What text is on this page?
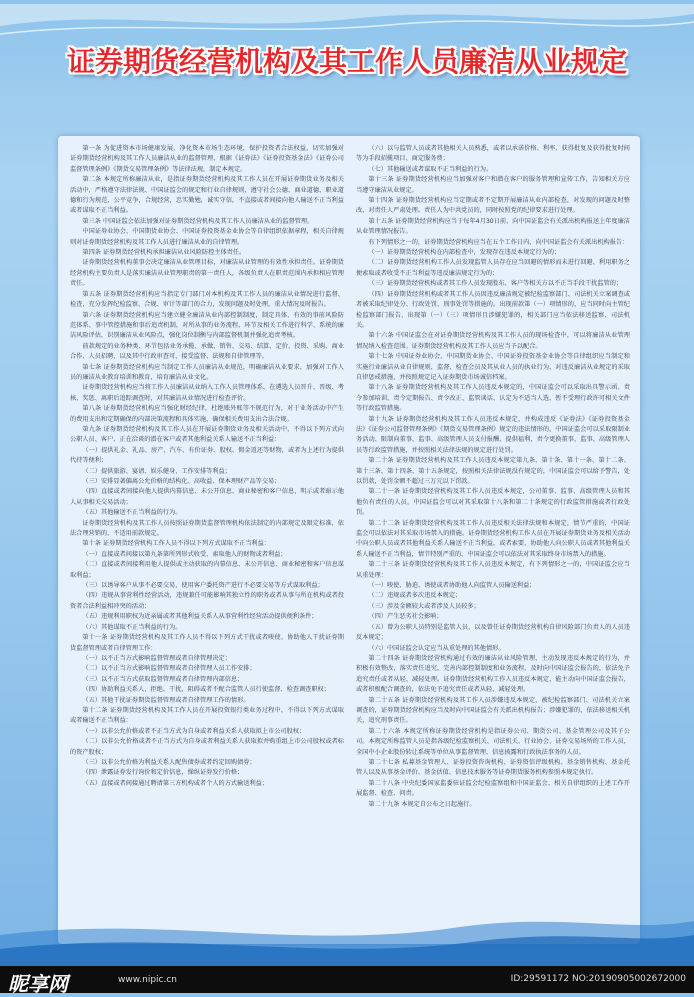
证券期货经营机构及其工作人员廉洁从业规定

第一条 为促进资本市场健康发展，净化资本市场生态环境，保护投资者合法权益，切实加强对证券期货经营机构及其工作人员廉洁从业的监督管理，根据《证券法》《证券投资基金法》《证券公司监督管理条例》《期货交易管理条例》等法律法规，制定本规定。

第二条 本规定所称廉洁从业，是指证券期货经营机构及其工作人员在开展证券期货业务及相关活动中，严格遵守法律法规、中国证监会的规定和行业自律规则，遵守社会公德、商业道德、职业道德和行为规范，公平竞争，合规经营，忠实勤勉，诚实守信，不直接或者间接向他人输送不正当利益或者谋取不正当利益。

第三条 中国证监会依法加强对证券期货经营机构及其工作人员廉洁从业的监督管理。

中国证券业协会、中国期货业协会、中国证券投资基金业协会等自律组织依据章程，相关自律规则对证券期货经营机构及其工作人员进行廉洁从业的自律管理。

第四条 证券期货经营机构承担廉洁从业风险防控主体责任。

证券期货经营机构董事会决定廉洁从业管理目标，对廉洁从业管理的有效性承担责任。证券期货经营机构主要负责人是落实廉洁从业管理职责的第一责任人，各级负责人在职责范围内承担相应管理责任。

第五条 证券期货经营机构应当指定专门部门对本机构及其工作人员的廉洁从业情况进行监督、检查，充分发挥纪检监察、合规、审计等部门的合力，发现问题及时处理，重大情况及时报告。

第六条 证券期货经营机构应当建立健全廉洁从业内部控制制度，制定具体、有效的事前风险防范体系、事中管控措施和事后追责机制，对所从事的业务流程、环节及相关工作进行科学、系统的廉洁风险评估，识别廉洁从业风险点，强化岗位制衡与内部监督机制并强化追责考核。

前款规定的业务种类、环节包括业务承揽、承做、销售、交易、结算、定价、投资、采购、商业合作、人员招聘，以及其中行政审查可、接受监督、法规和自律管理等。

第七条 证券期货经营机构应当制定工作人员廉洁从业规范，明确廉洁从业要求，加强对工作人员的廉洁从业教育培训和教育，培育廉洁从业文化。

证券期货经营机构应当将工作人员廉洁从业纳入工作人员管理体系，在遴选人员晋升、晋级、考核、奖惩、离职后追踪调查时，对其廉洁从业情况进行检查评价。

第八条 证券期货经营机构应当强化财经纪律，杜绝账外账等不规范行为，对于业务活动中产生的费用支出和定期确保的内部决策流程和具体实施，确保相关费用支出合法合规。

第九条 证券期货经营机构及其工作人员在开展证券期货业务及相关活动中，不得以下列方式向公职人员、客户、正在洽谈的潜在客户或者其他利益关系人输送不正当利益：

（一）提供礼金、礼品、房产、汽车、有价证券、股权、佣金返还等财物，或者为上述行为提供代持等便利；

（二）提供旅游、宴请、娱乐健身、工作安排等利益；

（三）安排显著偏离公允价格的结构化、高收益、保本理财产品等交易；

（四）直接或者间接向他人提供内幕信息、未公开信息、商业秘密和客户信息，明示或者暗示他人从事相关交易活动；

（五）其他输送不正当利益的行为。

证券期货经营机构及其工作人员按照证券期货监督管理机构依法制定的内部规定及限定标准，依法合理营销的，不适用前款规定。

第十条 证券期货经营机构工作人员不得以下列方式谋取不正当利益：

（一）直接或者间接以第九条第所列形式收受、索取他人的财物或者利益；

（二）直接或者间接利用他人提供或主动获取的内幕信息、未公开信息、商业秘密和客户信息谋取利益；

（三）以诱导客户从事不必要交易、使用客户委托资产进行不必要交易等方式谋取利益；

（四）违规从事营利性经营活动，违规兼任可能影响其独立性的职务或者从事与所在机构或者投资者合法利益相冲突的活动；

（五）违规利用职权为近亲属或者其他利益关系人从事营利性经营活动提供便利条件；

（六）其他谋取不正当利益的行为。

第十一条 证券期货经营机构及其工作人员不得以下列方式干扰或者唆使、协助他人干扰证券期货监督管理或者自律管理工作：

（一）以不正当方式影响监督管理或者自律管理决定；

（二）以不正当方式影响监督管理或者自律管理人员工作安排；

（三）以不正当方式获取监督管理或者自律管理内部信息；

（四）协助利益关系人，拒绝、干扰、阻碍或者不配合监管人员行使监督、检查调查职权；

（五）其他干扰证券期货监督管理或者自律管理工作的情形。

第十二条 证券期货经营机构及其工作人员在开展投资银行类业务过程中，不得以下列方式谋取或者输送不正当利益：

（一）以非公允价格或者不正当方式为自身或者利益关系人获取拟上市公司股权；

（二）以非公允价格或者不正当方式为自身或者利益关系人获取拟并购重组上市公司股权或者标的资产股权；

（三）以非公允价格为利益关系人配售债券或者约定回购债券；

（四）泄露证券发行询价和定价信息，操纵证券发行价格；

（五）直接或者间接通过聘请第三方机构或者个人的方式输送利益；

（六）以与监管人员或者其他相关人员熟悉，或者以承诺价格、利率、获得批复及获得批复时间等为手段招揽项目、商定服务费；

（七）其他输送或者谋取不正当利益的行为。

第十三条 证券期货经营机构应当加强对客户和潜在客户的服务管理和宣传工作，告知相关方应当遵守廉洁从业规定。

第十四条 证券期货经营机构应当定期或者不定期开展廉洁从业内部检查，对发现的问题及时整改，对责任人严肃处理。责任人为中共党员的，同时按照党的纪律要求进行处理。

第十五条 证券期货经营机构应当于每年4月30日前，向中国证监会有关派出机构报送上年度廉洁从业管理情况报告。

有下列情形之一的，证券期货经营机构应当在五个工作日内，向中国证监会有关派出机构报告：

（一）证券期货经营机构在内部检查中，发现存在违反本规定行为的；

（二）证券期货经营机构工作人员发现监管人员存在应当回避的情形而未进行回避、利用职务之便索取或者收受不正当利益等违反廉洁规定行为的；

（三）证券期货经营机构或者其工作人员发现股东、客户等相关方以不正当手段干扰监管的；

（四）证券期货经营机构或者其工作人员因违反廉洁规定被纪检监察部门、司法机关立案调查或者被采取纪律处分、行政处罚、刑事处罚等措施的。出现前款第（一）项情形的，应当同时向主管纪检监察部门报告，出现第（一）（三）项情形且涉嫌犯罪的，相关部门应当依法移送监察、司法机关。

第十六条 中国证监会在对证券期货经营机构及其工作人员的现场检查中，可以将廉洁从业管理情况纳入检查范围。证券期货经营机构及其工作人员应当予以配合。

第十七条 中国证券业协会、中国期货业协会、中国证券投资基金业协会等自律组织应当制定和实施行业廉洁从业自律规则，监督、检查会员及其从业人员的执业行为，对违反廉洁从业规定的采取自律惩戒措施，并按照规定记入证券期货市场诚信档案。

第十八条 证券期货经营机构及其工作人员违反本规定的，中国证监会可以采取出具警示函、责令参加培训、责令定期报告、责令改正、监管谈话、认定为不适当人选、暂不受理行政许可相关文件等行政监管措施。

第十九条 证券期货经营机构及其工作人员违反本规定，并构成违反《证券法》《证券投资基金法》《证券公司监督管理条例》《期货交易管理条例》规定的违法情形的，中国证监会可以采取限制业务活动、限制向董事、监事、高级管理人员支付报酬、提供福利，责令更换董事、监事、高级管理人员等行政监管措施，并按照相关法律法规的规定进行处罚。

第二十条 证券期货经营机构及其工作人员违反本规定第九条、第十条、第十一条、第十二条、第十三条、第十四条、第十五条规定，按照相关法律法规没有规定的，中国证监会可以给予警告，处以罚款，处罚金额不超过三万元以下罚款。

第二十一条 证券期货经营机构及其工作人员违反本规定，公司董事、监事、高级管理人员和其他负有责任的人员，中国证监会可以对其采取第十八条和第二十条规定的行政监管措施或者行政处罚。

第二十二条 证券期货经营机构及其工作人员违反相关法律法规和本规定，情节严重的，中国证监会可以依法对其采取市场禁入的措施。证券期货经营机构工作人员在开展证券期货业务及相关活动中向公职人员或者其他利益关系人输送不正当利益，或者索要、协助他人向公职人员或者其他利益关系人输送不正当利益，情节特别严重的，中国证监会可以依法对其采取终身市场禁入的措施。

第二十三条 证券期货经营机构及其工作人员违反本规定，有下列情形之一的，中国证监会应当从重处理：

（一）唆使、胁迫、诱使或者协助他人向监管人员输送利益；

（二）违规或者多次违反本规定；

（三）涉及金额较大或者涉及人员较多；

（四）产生恶劣社会影响；

（五）曾为公职人员特别是监管人员，以及曾任证券期货经营机构自律风险部门负责人的人员违反本规定；

（六）中国证监会认定应当从重处理的其他情形。

第二十四条 证券期货经营机构通过有效的廉洁从业风险管理，主动发现违反本规定的行为，并积极有效整改，落实责任追究，完善内部控制制度和业务流程，及时向中国证监会报告的，依法免予追究责任或者从轻、减轻处理。证券期货经营机构工作人员违反本规定，能主动向中国证监会报告，或者积极配合调查的，依法免予追究责任或者从轻、减轻处理。

第二十五条 证券期货经营机构及其工作人员涉嫌违反本规定，被纪检监察部门、司法机关立案调查的，证券期货经营机构应当及时向中国证监会有关派出机构报告；涉嫌犯罪的，依法移送相关机关，追究刑事责任。

第二十六条 本规定所称证券期货经营机构是指证券公司、期货公司、基金管理公司及其子公司。本规定所称监管人员是指各级纪检监察机关、司法机关、行业协会、证券交易场所的工作人员，全国中小企业股份转让系统等单位从事监督管理、信息披露和行政执法事务的人员。

第二十七条 私募基金管理人、证券投资咨询机构、证券资信评级机构、基金销售机构、基金托管人以及从事基金评价、基金估值、信息技术服务等证券期货服务机构参照本规定执行。

第二十八条 中央纪委国家监委驻证监会纪检监察组和中国证监会、相关自律组织的上述工作开展监督、检查、问责。

第二十九条 本规定自公布之日起施行。

昵享网	www.nipic.cn	ID:29591172 NO:20190905002672000
